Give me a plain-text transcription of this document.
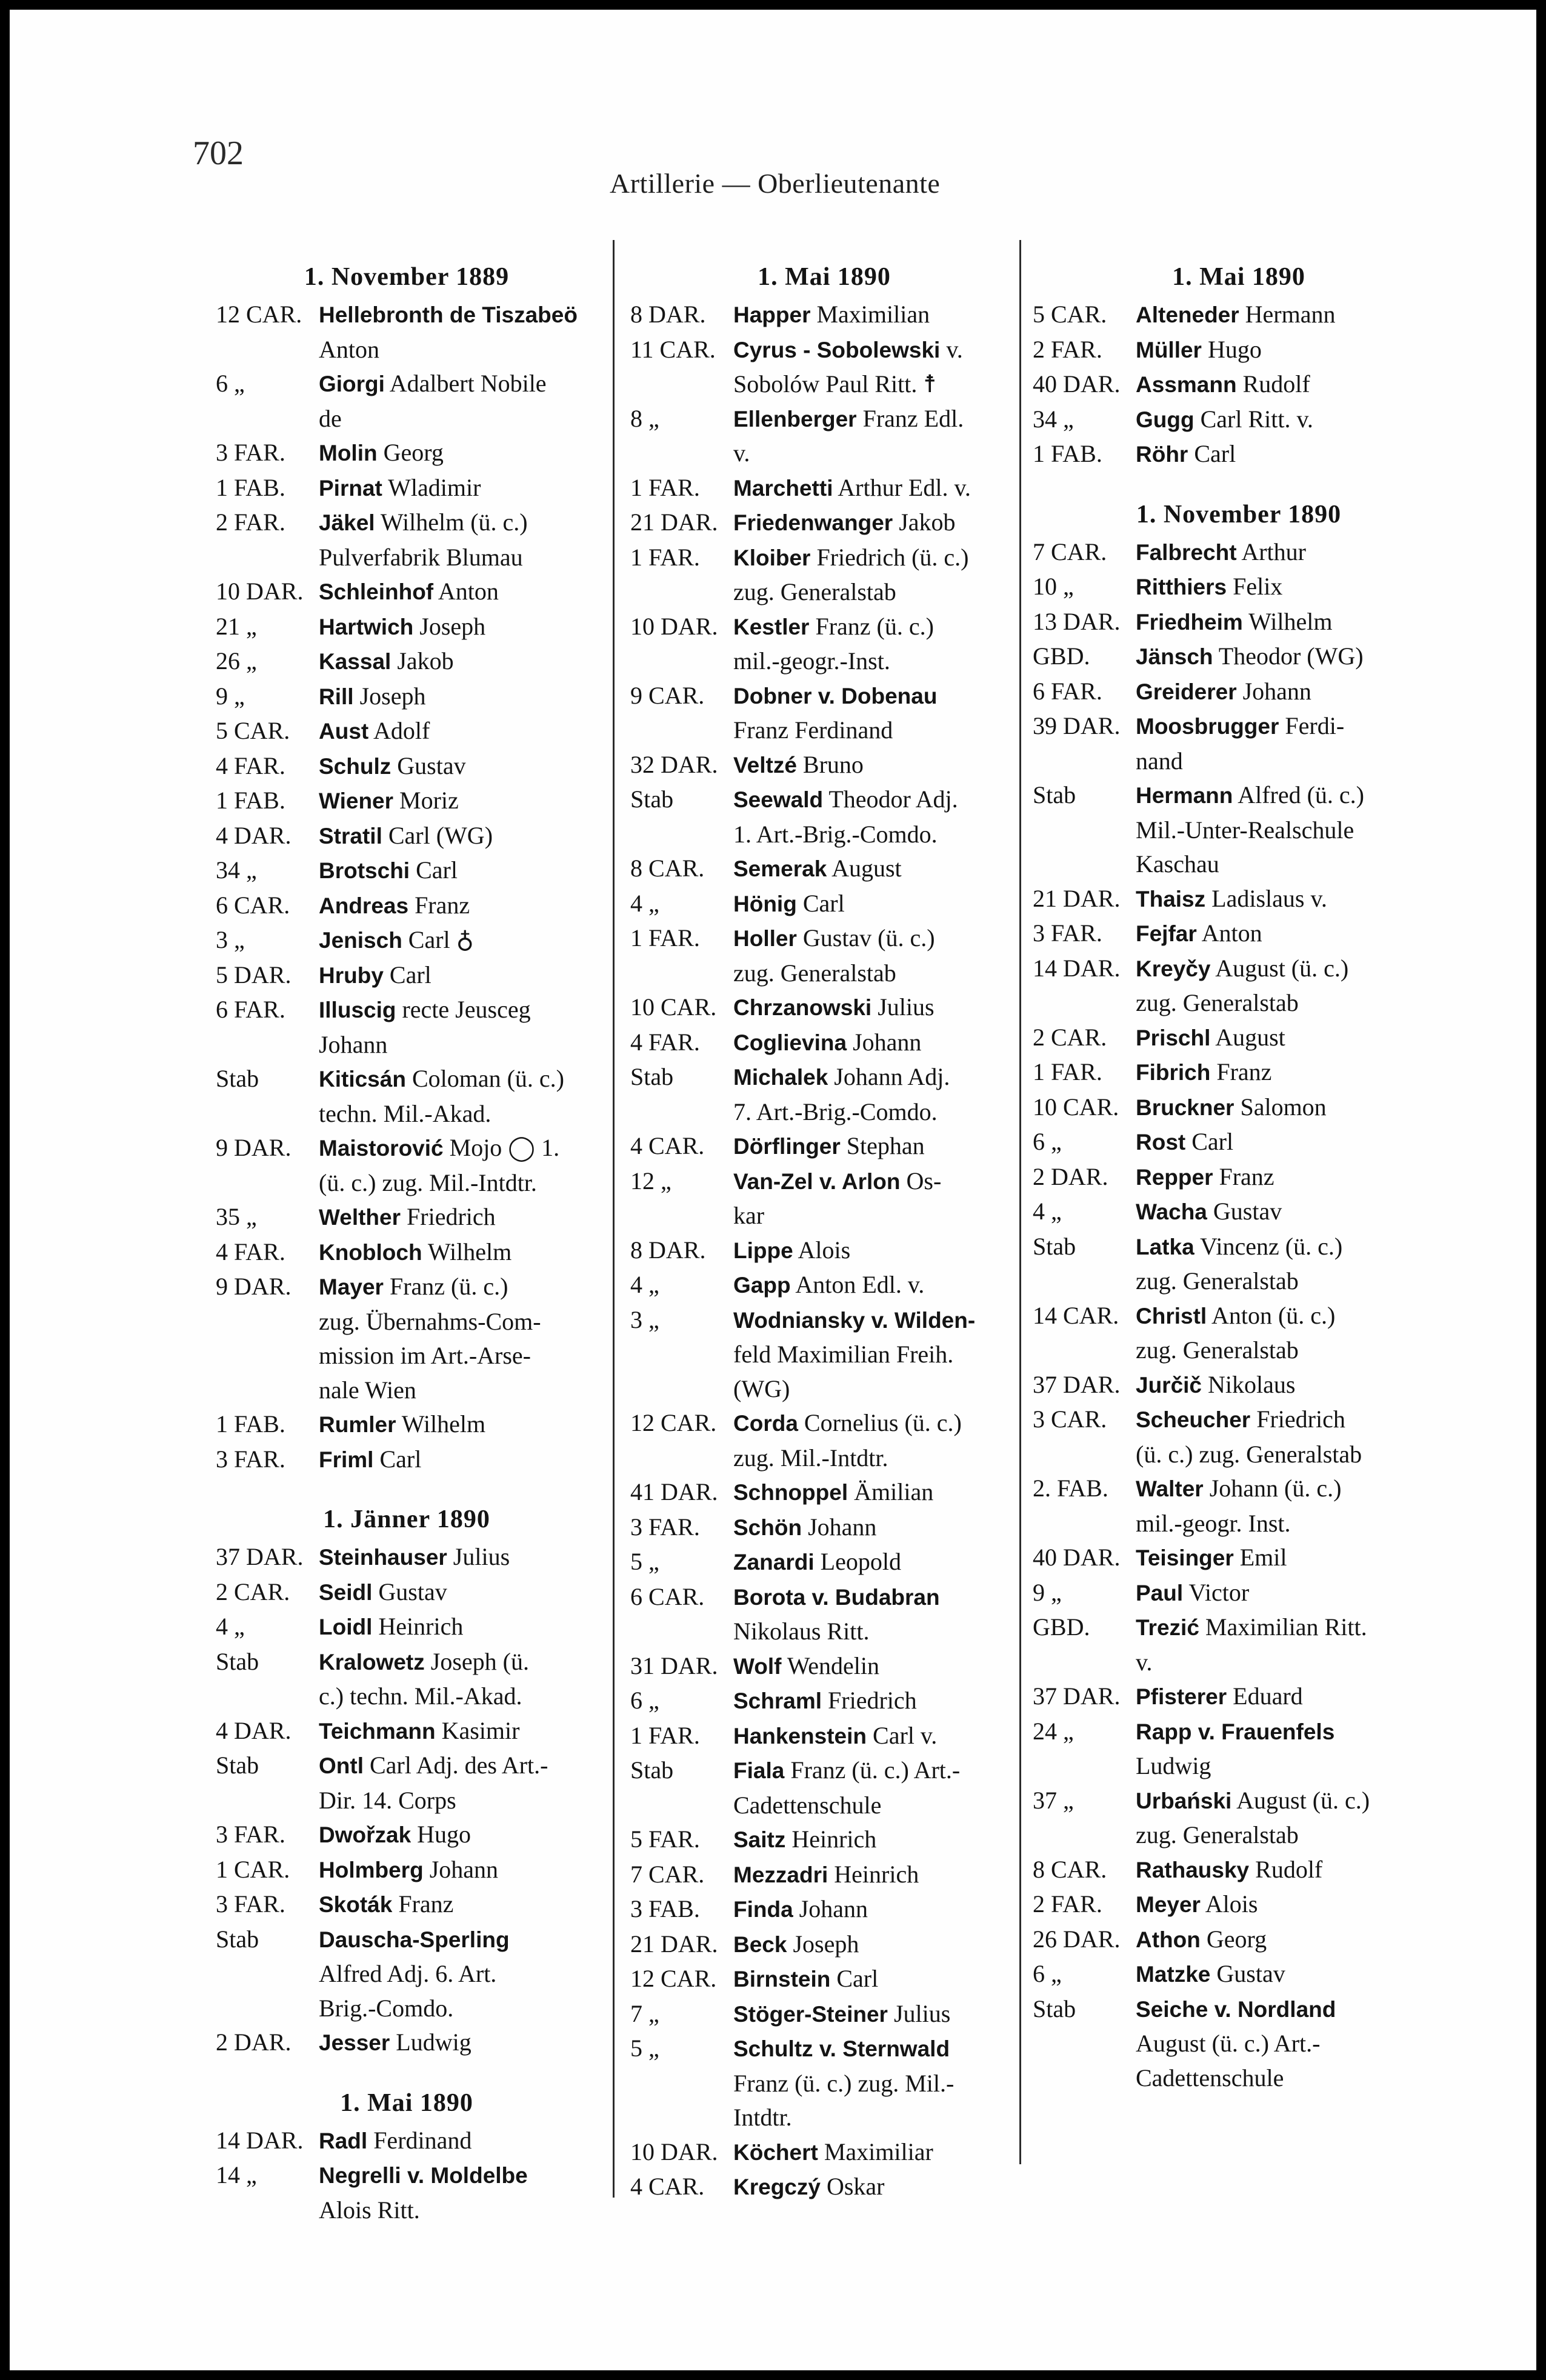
702
Artillerie — Oberlieutenante
1. November 1889
12 CAR. Hellebronth de Tiszabeö
Anton
6 „	Giorgi Adalbert Nobile
de
3 FAR.	Molin Georg
1 FAB.	Pirnat Wladimir
2 FAR.	Jäkel Wilhelm (ü. c.)
Pulverfabrik Blumau
10 DAR. Schleinhof Anton
21 „	Hartwich Joseph
26 „	Kassal Jakob
9 „	Rill Joseph
5 CAR.	Aust Adolf
4 FAR.	Schulz Gustav
1 FAB.	Wiener Moriz
4 DAR.	Stratil Carl (WG)
34 „	Brotschi Carl
6 CAR.	Andreas Franz
3 „	Jenisch Carl ♁
5 DAR.	Hruby Carl
6 FAR.	Illuscig recte Jeusceg
Johann
Stab	Kiticsán Coloman (ü. c.)
techn. Mil.-Akad.
9 DAR.	Maistorović Mojo ◯ 1.
(ü. c.) zug. Mil.-Intdtr.
35 „	Welther Friedrich
4 FAR.	Knobloch Wilhelm
9 DAR.	Mayer Franz (ü. c.)
zug. Übernahms-Com-
mission im Art.-Arse-
nale Wien
1 FAB.	Rumler Wilhelm
3 FAR.	Friml Carl
1. Jänner 1890
37 DAR. Steinhauser Julius
2 CAR.	Seidl Gustav
4 „	Loidl Heinrich
Stab	Kralowetz Joseph (ü.
c.) techn. Mil.-Akad.
4 DAR.	Teichmann Kasimir
Stab	Ontl Carl Adj. des Art.-
Dir. 14. Corps
3 FAR.	Dwořzak Hugo
1 CAR.	Holmberg Johann
3 FAR.	Skoták Franz
Stab	Dauscha-Sperling
Alfred Adj. 6. Art.
Brig.-Comdo.
2 DAR.	Jesser Ludwig
1. Mai 1890
14 DAR. Radl Ferdinand
14 „	Negrelli v. Moldelbe
Alois Ritt.
1. Mai 1890
8 DAR.	Happer Maximilian
11 CAR. Cyrus - Sobolewski v.
Sobolów Paul Ritt. ☨
8 „	Ellenberger Franz Edl.
v.
1 FAR.	Marchetti Arthur Edl. v.
21 DAR. Friedenwanger Jakob
1 FAR.	Kloiber Friedrich (ü. c.)
zug. Generalstab
10 DAR. Kestler Franz (ü. c.)
mil.-geogr.-Inst.
9 CAR.	Dobner v. Dobenau
Franz Ferdinand
32 DAR. Veltzé Bruno
Stab	Seewald Theodor Adj.
1. Art.-Brig.-Comdo.
8 CAR.	Semerak August
4 „	Hönig Carl
1 FAR.	Holler Gustav (ü. c.)
zug. Generalstab
10 CAR. Chrzanowski Julius
4 FAR.	Coglievina Johann
Stab	Michalek Johann Adj.
7. Art.-Brig.-Comdo.
4 CAR.	Dörflinger Stephan
12 „	Van-Zel v. Arlon Os-
kar
8 DAR.	Lippe Alois
4 „	Gapp Anton Edl. v.
3 „	Wodniansky v. Wilden-
feld Maximilian Freih.
(WG)
12 CAR. Corda Cornelius (ü. c.)
zug. Mil.-Intdtr.
41 DAR. Schnoppel Ämilian
3 FAR.	Schön Johann
5 „	Zanardi Leopold
6 CAR.	Borota v. Budabran
Nikolaus Ritt.
31 DAR. Wolf Wendelin
6 „	Schraml Friedrich
1 FAR.	Hankenstein Carl v.
Stab	Fiala Franz (ü. c.) Art.-
Cadettenschule
5 FAR.	Saitz Heinrich
7 CAR.	Mezzadri Heinrich
3 FAB.	Finda Johann
21 DAR. Beck Joseph
12 CAR. Birnstein Carl
7 „	Stöger-Steiner Julius
5 „	Schultz v. Sternwald
Franz (ü. c.) zug. Mil.-
Intdtr.
10 DAR. Köchert Maximiliar
4 CAR.	Kregczý Oskar
1. Mai 1890
5 CAR.	Alteneder Hermann
2 FAR.	Müller Hugo
40 DAR. Assmann Rudolf
34 „	Gugg Carl Ritt. v.
1 FAB.	Röhr Carl
1. November 1890
7 CAR.	Falbrecht Arthur
10 „	Ritthiers Felix
13 DAR. Friedheim Wilhelm
GBD.	Jänsch Theodor (WG)
6 FAR.	Greiderer Johann
39 DAR. Moosbrugger Ferdi-
nand
Stab	Hermann Alfred (ü. c.)
Mil.-Unter-Realschule
Kaschau
21 DAR. Thaisz Ladislaus v.
3 FAR.	Fejfar Anton
14 DAR. Kreyčy August (ü. c.)
zug. Generalstab
2 CAR.	Prischl August
1 FAR.	Fibrich Franz
10 CAR. Bruckner Salomon
6 „	Rost Carl
2 DAR.	Repper Franz
4 „	Wacha Gustav
Stab	Latka Vincenz (ü. c.)
zug. Generalstab
14 CAR. Christl Anton (ü. c.)
zug. Generalstab
37 DAR. Jurčič Nikolaus
3 CAR.	Scheucher Friedrich
(ü. c.) zug. Generalstab
2. FAB.	Walter Johann (ü. c.)
mil.-geogr. Inst.
40 DAR. Teisinger Emil
9 „	Paul Victor
GBD.	Trezić Maximilian Ritt.
v.
37 DAR. Pfisterer Eduard
24 „	Rapp v. Frauenfels
Ludwig
37 „	Urbański August (ü. c.)
zug. Generalstab
8 CAR.	Rathausky Rudolf
2 FAR.	Meyer Alois
26 DAR. Athon Georg
6 „	Matzke Gustav
Stab	Seiche v. Nordland
August (ü. c.) Art.-
Cadettenschule
